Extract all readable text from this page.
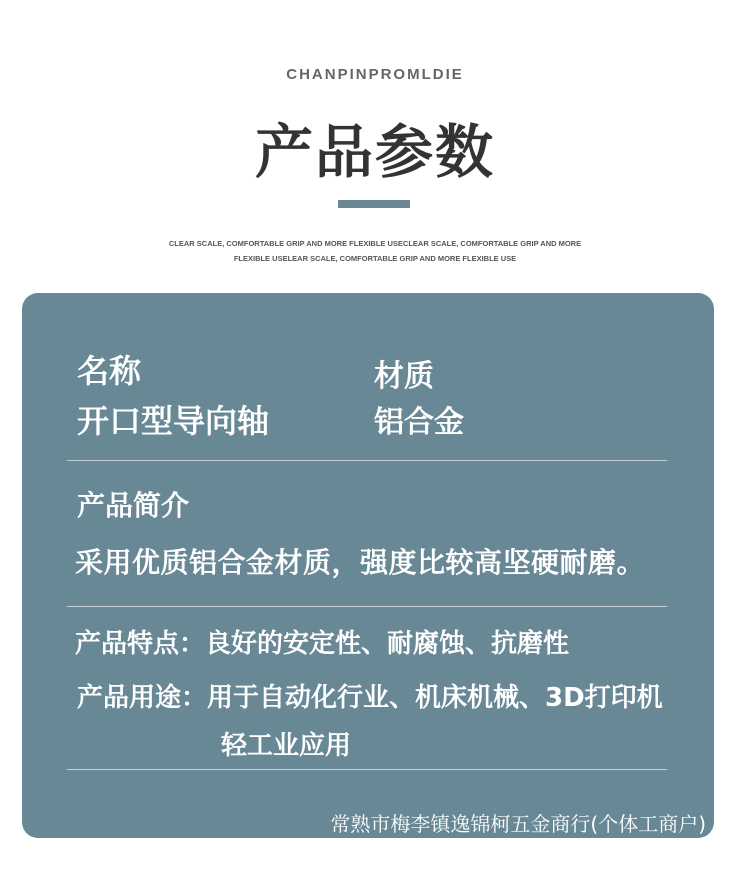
CHANPINPROMLDIE
产品参数
CLEAR SCALE, COMFORTABLE GRIP AND MORE FLEXIBLE USECLEAR SCALE, COMFORTABLE GRIP AND MORE
FLEXIBLE USELEAR SCALE, COMFORTABLE GRIP AND MORE FLEXIBLE USE
名称
开口型导向轴
材质
铝合金
产品简介
采用优质铝合金材质，强度比较高坚硬耐磨。
产品特点：良好的安定性、耐腐蚀、抗磨性
产品用途：用于自动化行业、机床机械、3D打印机
轻工业应用
常熟市梅李镇逸锦柯五金商行(个体工商户)
